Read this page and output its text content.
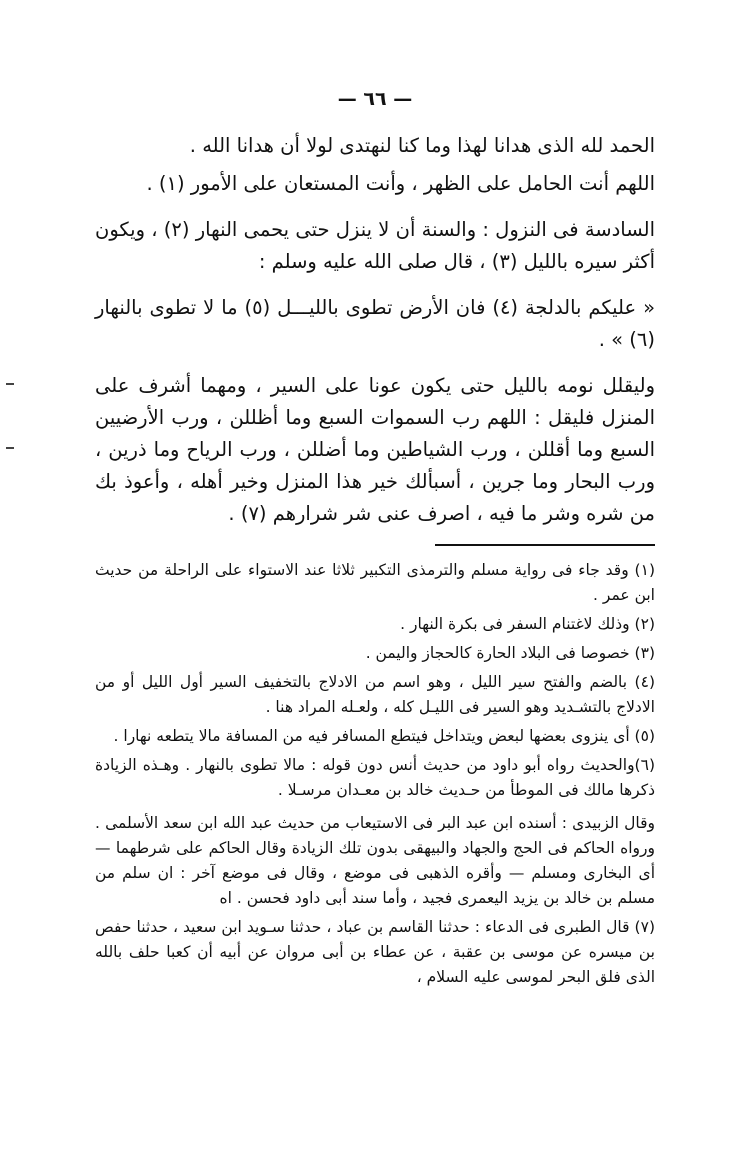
— ٦٦ —

الحمد لله الذى هدانا لهذا وما كنا لنهتدى لولا أن هدانا الله .

اللهم أنت الحامل على الظهر ، وأنت المستعان على الأمور (١) .

السادسة فى النزول : والسنة أن لا ينزل حتى يحمى النهار (٢) ، ويكون أكثر سيره بالليل (٣) ، قال صلى الله عليه وسلم :

« عليكم بالدلجة (٤) فان الأرض تطوى بالليـــل (٥) ما لا تطوى بالنهار (٦) » .

وليقلل نومه بالليل حتى يكون عونا على السير ، ومهما أشرف على المنزل فليقل : اللهم رب السموات السبع وما أظللن ، ورب الأرضيين السبع وما أقللن ، ورب الشياطين وما أضللن ، ورب الرياح وما ذرين ، ورب البحار وما جرين ، أسبألك خير هذا المنزل وخير أهله ، وأعوذ بك من شره وشر ما فيه ، اصرف عنى شر شرارهم (٧) .

(١) وقد جاء فى رواية مسلم والترمذى التكبير ثلاثا عند الاستواء على الراحلة من حديث ابن عمر .

(٢) وذلك لاغتنام السفر فى بكرة النهار .

(٣) خصوصا فى البلاد الحارة كالحجاز واليمن .

(٤) بالضم والفتح سير الليل ، وهو اسم من الادلاج بالتخفيف السير أول الليل أو من الادلاج بالتشـديد وهو السير فى الليـل كله ، ولعـله المراد هنا .

(٥) أى ينزوى بعضها لبعض ويتداخل فيتطع المسافر فيه من المسافة مالا يتطعه نهارا .

(٦)والحديث رواه أبو داود من حديث أنس دون قوله : مالا تطوى بالنهار . وهـذه الزيادة ذكرها مالك فى الموطأ من حـديث خالد بن معـدان مرسـلا .

وقال الزبيدى : أسنده ابن عبد البر فى الاستيعاب من حديث عبد الله ابن سعد الأسلمى . ورواه الحاكم فى الحج والجهاد والبيهقى بدون تلك الزيادة وقال الحاكم على شرطهما — أى البخارى ومسلم — وأقره الذهبى فى موضع ، وقال فى موضع آخر : ان سلم من مسلم بن خالد بن يزيد اليعمرى فجيد ، وأما سند أبى داود فحسن . اه

(٧) قال الطبرى فى الدعاء : حدثنا القاسم بن عباد ، حدثنا سـويد ابن سعيد ، حدثنا حفص بن ميسره عن موسى بن عقبة ، عن عطاء بن أبى مروان عن أبيه أن كعبا حلف بالله الذى فلق البحر لموسى عليه السلام ،
